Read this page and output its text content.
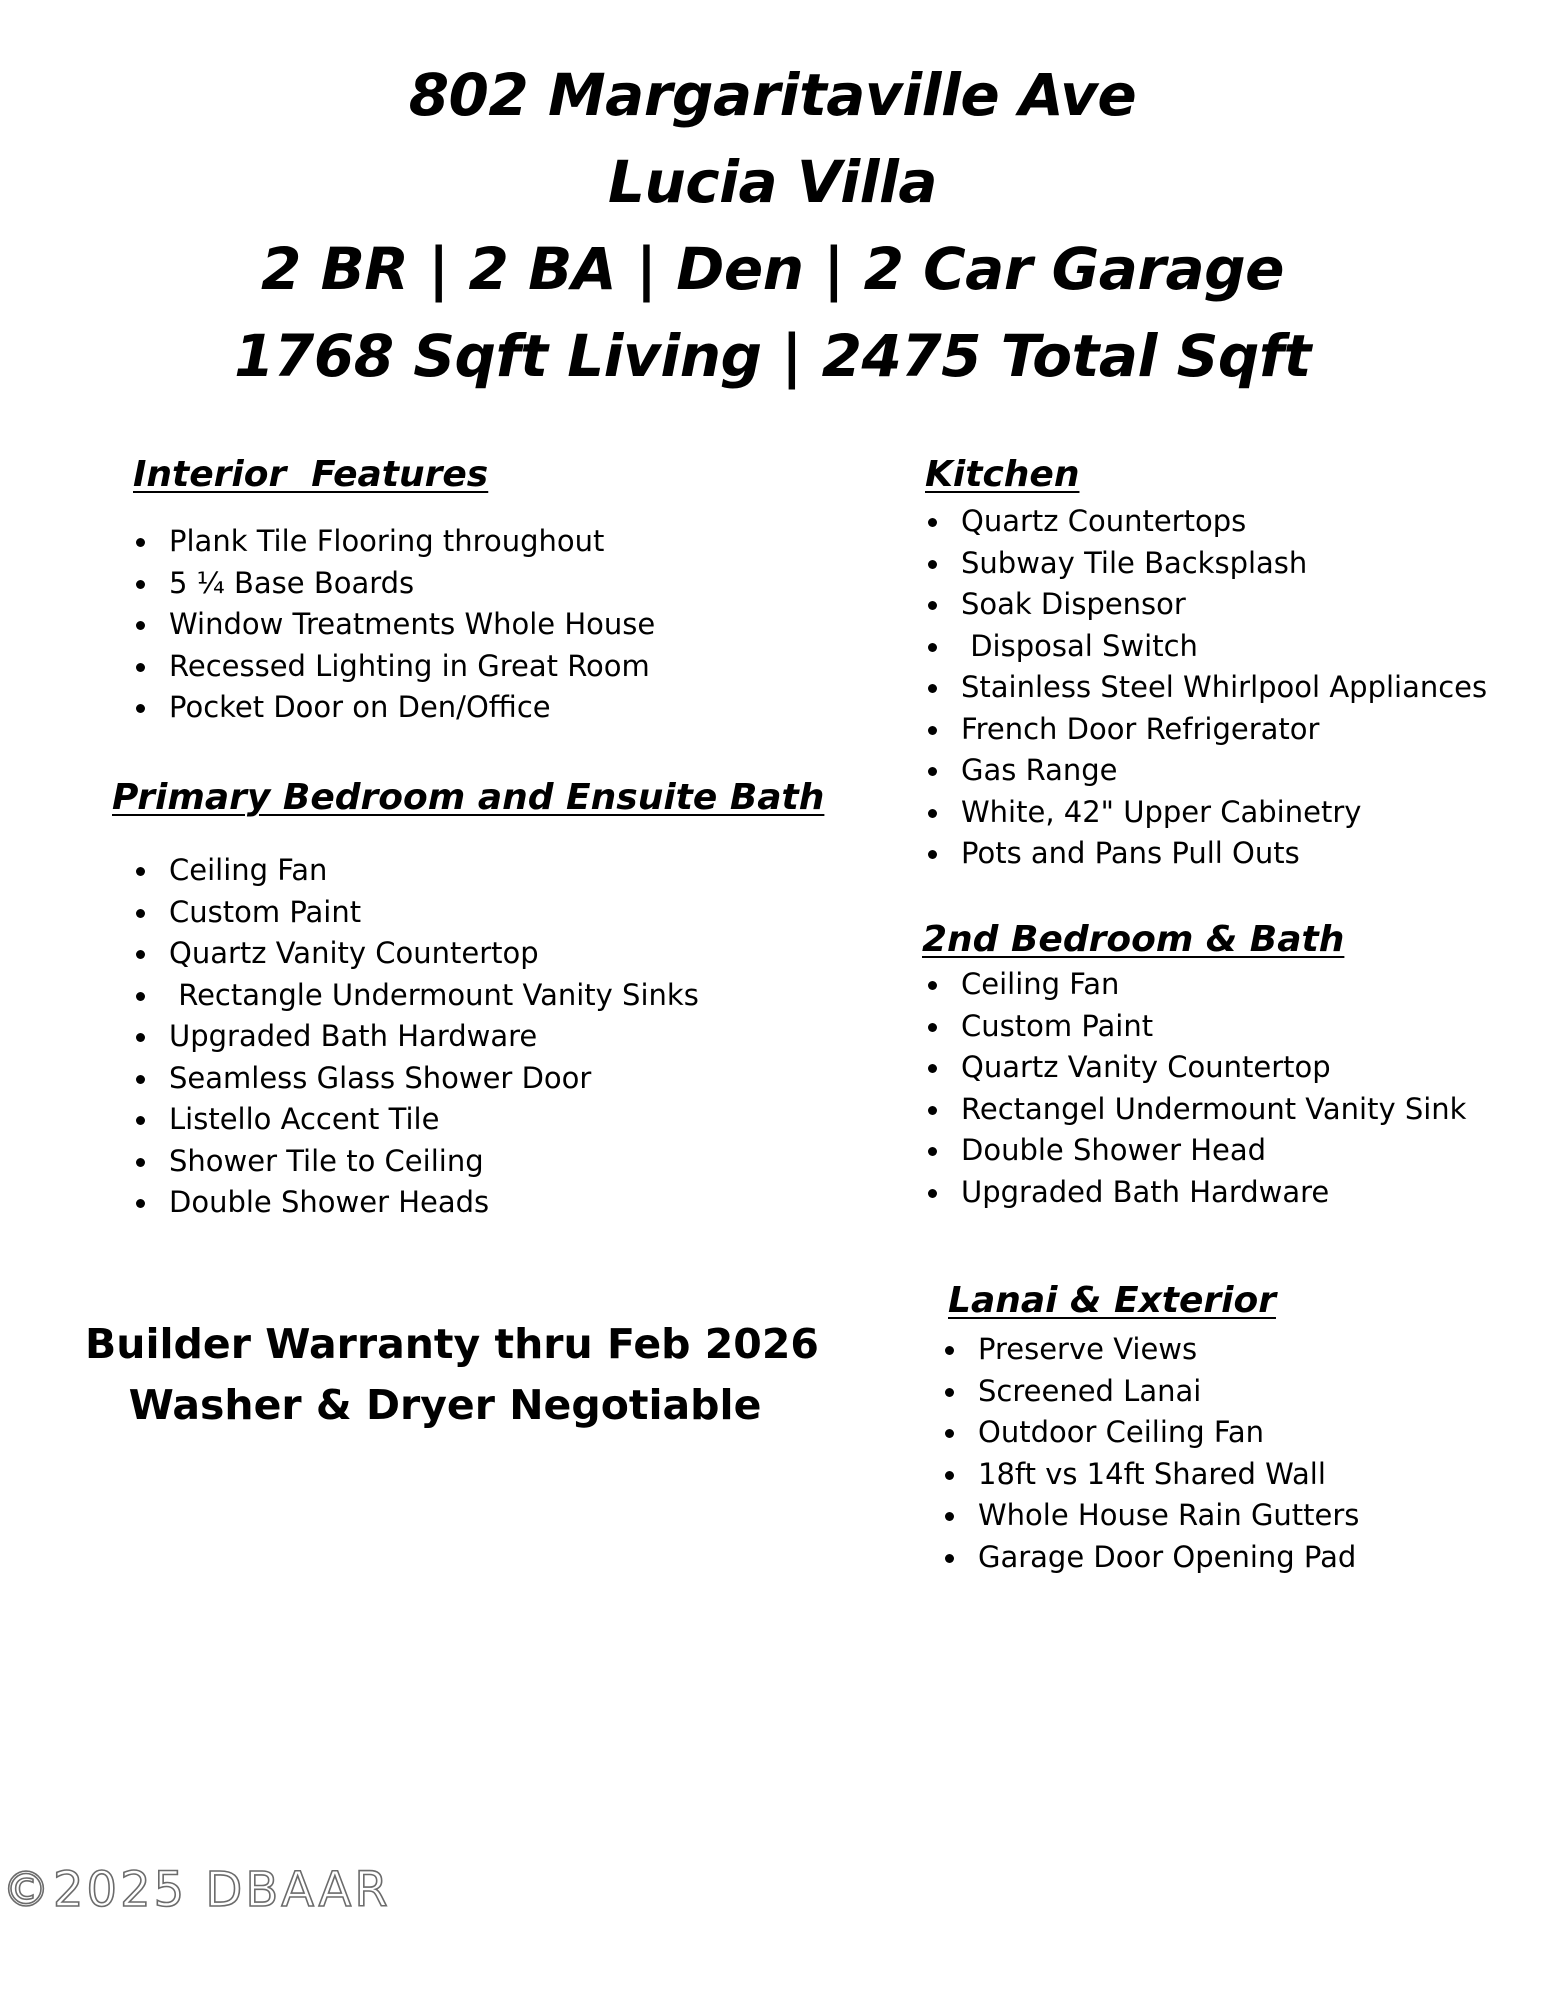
802 Margaritaville Ave
Lucia Villa
2 BR | 2 BA | Den | 2 Car Garage
1768 Sqft Living | 2475 Total Sqft
Interior  Features
Plank Tile Flooring throughout
5 ¼ Base Boards
Window Treatments Whole House
Recessed Lighting in Great Room
Pocket Door on Den/Office
Primary Bedroom and Ensuite Bath
Ceiling Fan
Custom Paint
Quartz Vanity Countertop
Rectangle Undermount Vanity Sinks
Upgraded Bath Hardware
Seamless Glass Shower Door
Listello Accent Tile
Shower Tile to Ceiling
Double Shower Heads
Kitchen
Quartz Countertops
Subway Tile Backsplash
Soak Dispensor
Disposal Switch
Stainless Steel Whirlpool Appliances
French Door Refrigerator
Gas Range
White, 42" Upper Cabinetry
Pots and Pans Pull Outs
2nd Bedroom & Bath
Ceiling Fan
Custom Paint
Quartz Vanity Countertop
Rectangel Undermount Vanity Sink
Double Shower Head
Upgraded Bath Hardware
Lanai & Exterior
Preserve Views
Screened Lanai
Outdoor Ceiling Fan
18ft vs 14ft Shared Wall
Whole House Rain Gutters
Garage Door Opening Pad
Builder Warranty thru Feb 2026
Washer & Dryer Negotiable
©2025 DBAAR
